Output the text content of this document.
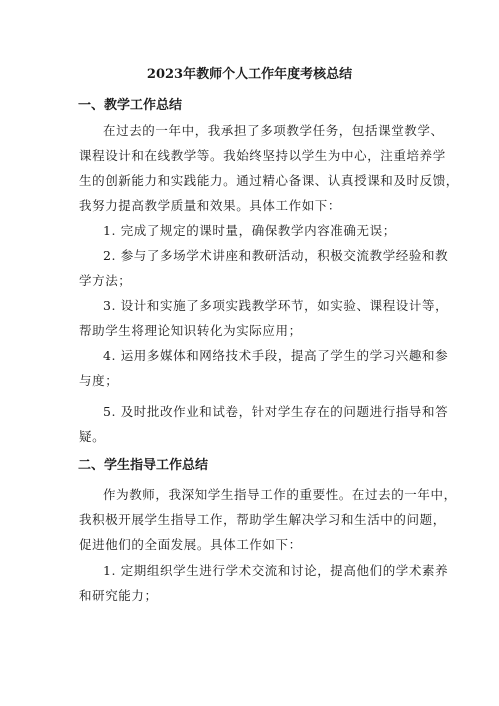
2023年教师个人工作年度考核总结
一、教学工作总结
在过去的一年中，我承担了多项教学任务，包括课堂教学、
课程设计和在线教学等。我始终坚持以学生为中心，注重培养学
生的创新能力和实践能力。通过精心备课、认真授课和及时反馈，
我努力提高教学质量和效果。具体工作如下：
1. 完成了规定的课时量，确保教学内容准确无误；
2. 参与了多场学术讲座和教研活动，积极交流教学经验和教
学方法；
3. 设计和实施了多项实践教学环节，如实验、课程设计等，
帮助学生将理论知识转化为实际应用；
4. 运用多媒体和网络技术手段，提高了学生的学习兴趣和参
与度；
5. 及时批改作业和试卷，针对学生存在的问题进行指导和答
疑。
二、学生指导工作总结
作为教师，我深知学生指导工作的重要性。在过去的一年中，
我积极开展学生指导工作，帮助学生解决学习和生活中的问题，
促进他们的全面发展。具体工作如下：
1. 定期组织学生进行学术交流和讨论，提高他们的学术素养
和研究能力；
